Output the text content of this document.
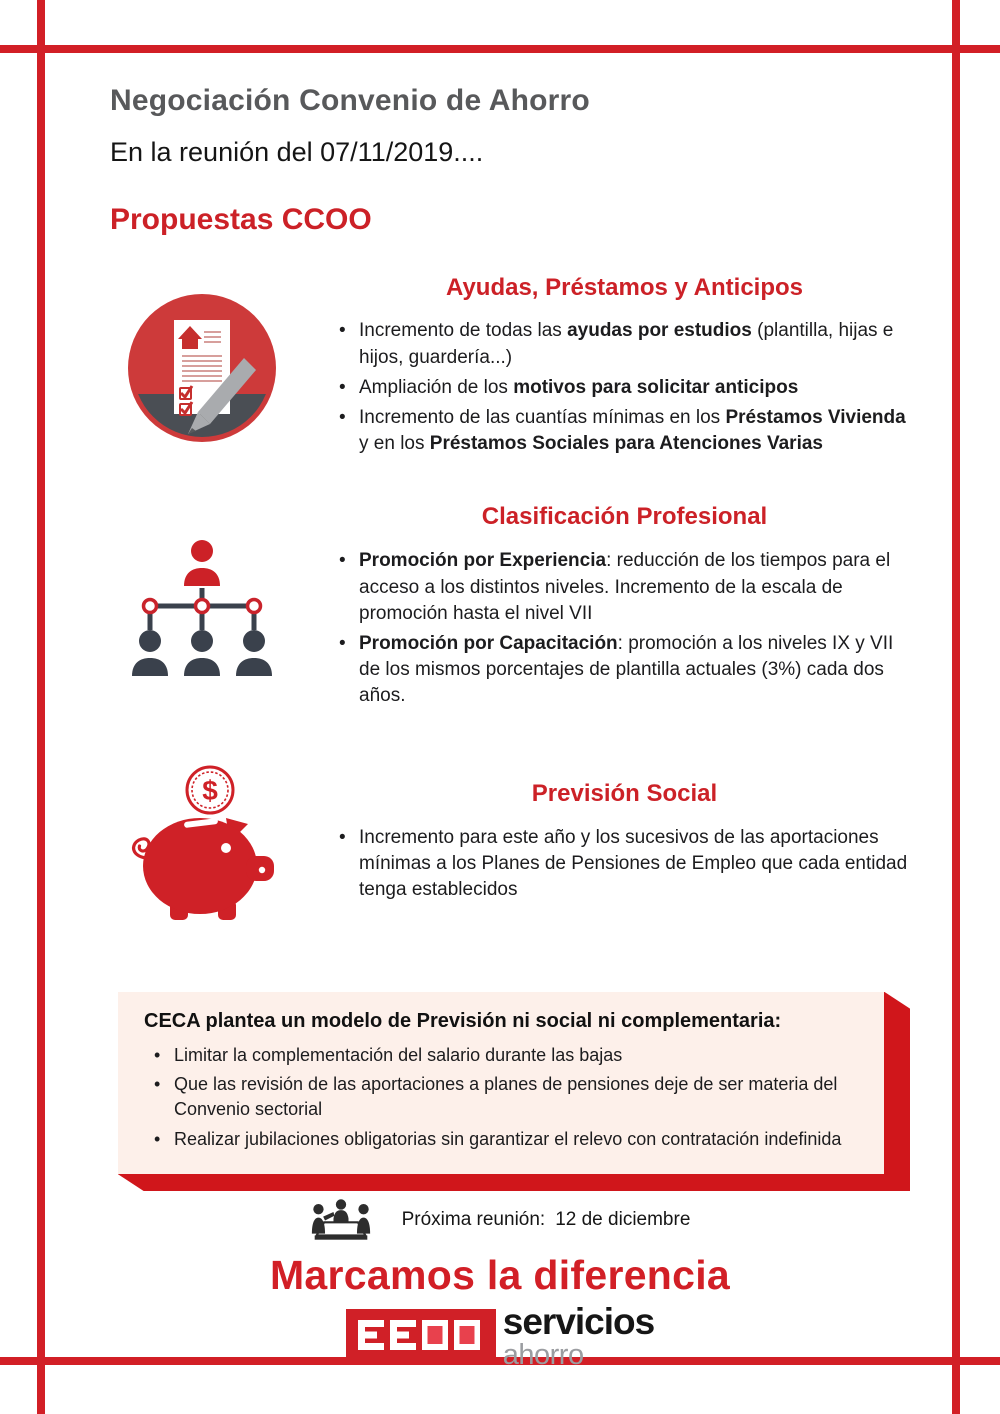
Negociación Convenio de Ahorro
En la reunión del 07/11/2019....
Propuestas CCOO
Ayudas, Préstamos y Anticipos
• Incremento de todas las ayudas por estudios (plantilla, hijas e hijos, guardería...)
• Ampliación de los motivos para solicitar anticipos
• Incremento de las cuantías mínimas en los Préstamos Vivienda y en los Préstamos Sociales para Atenciones Varias
Clasificación Profesional
• Promoción por Experiencia: reducción de los tiempos para el acceso a los distintos niveles. Incremento de la escala de promoción hasta el nivel VII
• Promoción por Capacitación: promoción a los niveles IX y VII de los mismos porcentajes de plantilla actuales (3%) cada dos años.
$	Previsión Social
• Incremento para este año y los sucesivos de las aportaciones mínimas a los Planes de Pensiones de Empleo que cada entidad tenga establecidos
CECA plantea un modelo de Previsión ni social ni complementaria:
• Limitar la complementación del salario durante las bajas
• Que las revisión de las aportaciones a planes de pensiones deje de ser materia del Convenio sectorial
• Realizar jubilaciones obligatorias sin garantizar el relevo con contratación indefinida
Próxima reunión: 12 de diciembre
Marcamos la diferencia
servicios
ahorro
